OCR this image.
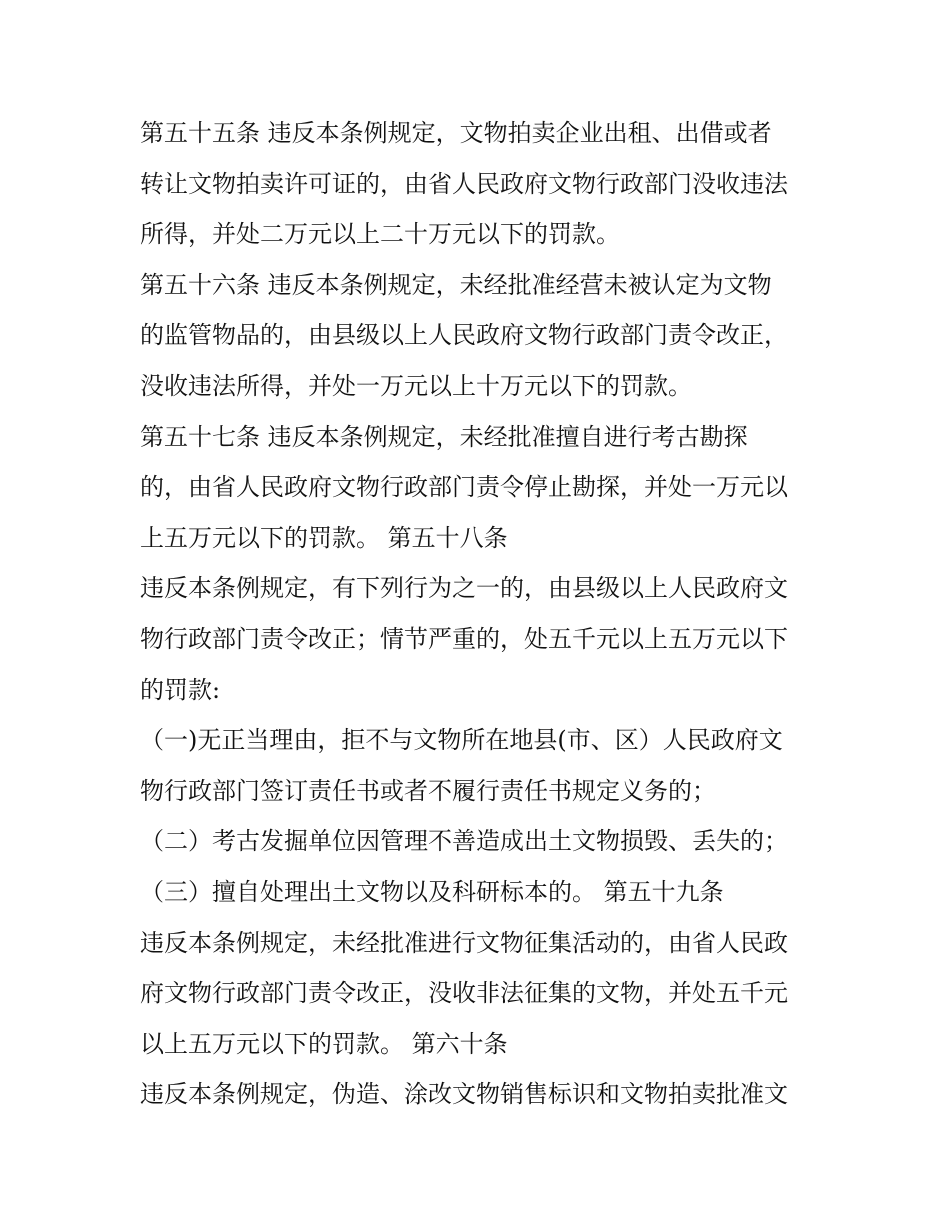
第五十五条 违反本条例规定，文物拍卖企业出租、出借或者
转让文物拍卖许可证的，由省人民政府文物行政部门没收违法
所得，并处二万元以上二十万元以下的罚款。
第五十六条 违反本条例规定，未经批准经营未被认定为文物
的监管物品的，由县级以上人民政府文物行政部门责令改正，
没收违法所得，并处一万元以上十万元以下的罚款。
第五十七条 违反本条例规定，未经批准擅自进行考古勘探
的，由省人民政府文物行政部门责令停止勘探，并处一万元以
上五万元以下的罚款。 第五十八条
违反本条例规定，有下列行为之一的，由县级以上人民政府文
物行政部门责令改正；情节严重的，处五千元以上五万元以下
的罚款:
（一)无正当理由，拒不与文物所在地县(市、区）人民政府文
物行政部门签订责任书或者不履行责任书规定义务的；
（二）考古发掘单位因管理不善造成出土文物损毁、丢失的；
（三）擅自处理出土文物以及科研标本的。 第五十九条
违反本条例规定，未经批准进行文物征集活动的，由省人民政
府文物行政部门责令改正，没收非法征集的文物，并处五千元
以上五万元以下的罚款。 第六十条
违反本条例规定，伪造、涂改文物销售标识和文物拍卖批准文
